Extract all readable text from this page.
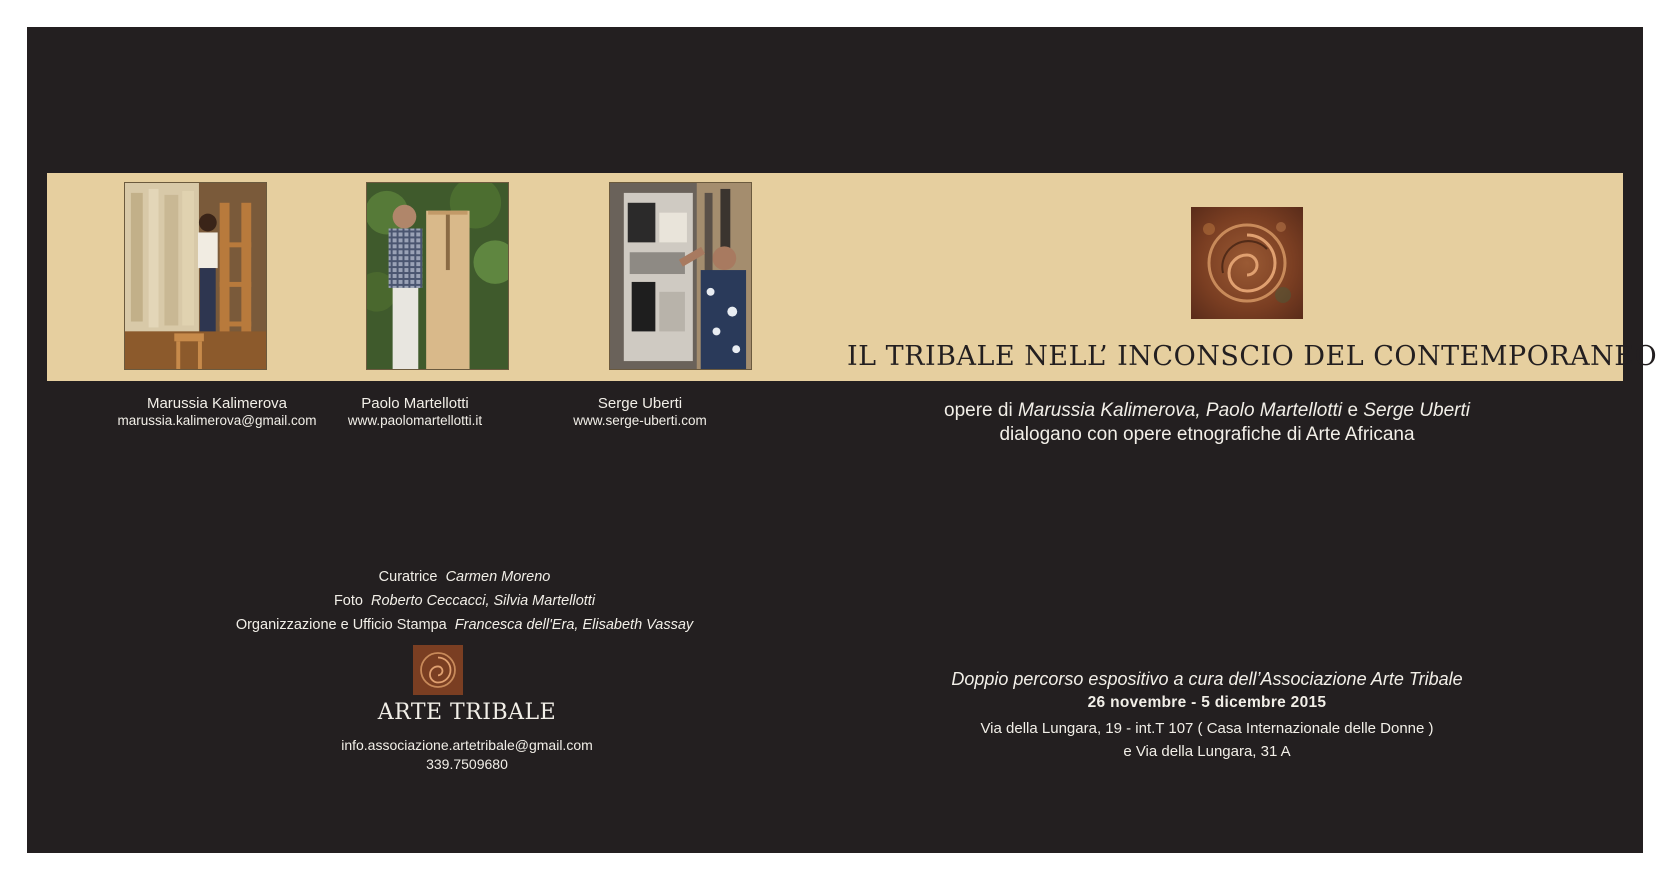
IL TRIBALE NELL’ INCONSCIO DEL CONTEMPORANEO
Marussia Kalimerova
marussia.kalimerova@gmail.com
Paolo Martellotti
www.paolomartellotti.it
Serge Uberti
www.serge-uberti.com	opere di Marussia Kalimerova, Paolo Martellotti e Serge Uberti
dialogano con opere etnografiche di Arte Africana
Curatrice Carmen Moreno
Foto Roberto Ceccacci, Silvia Martellotti
Organizzazione e Ufficio Stampa Francesca dell'Era, Elisabeth Vassay
ARTE TRIBALE
info.associazione.artetribale@gmail.com
339.7509680
Doppio percorso espositivo a cura dell’Associazione Arte Tribale
26 novembre - 5 dicembre 2015
Via della Lungara, 19 - int.T 107 ( Casa Internazionale delle Donne )
e Via della Lungara, 31 A
